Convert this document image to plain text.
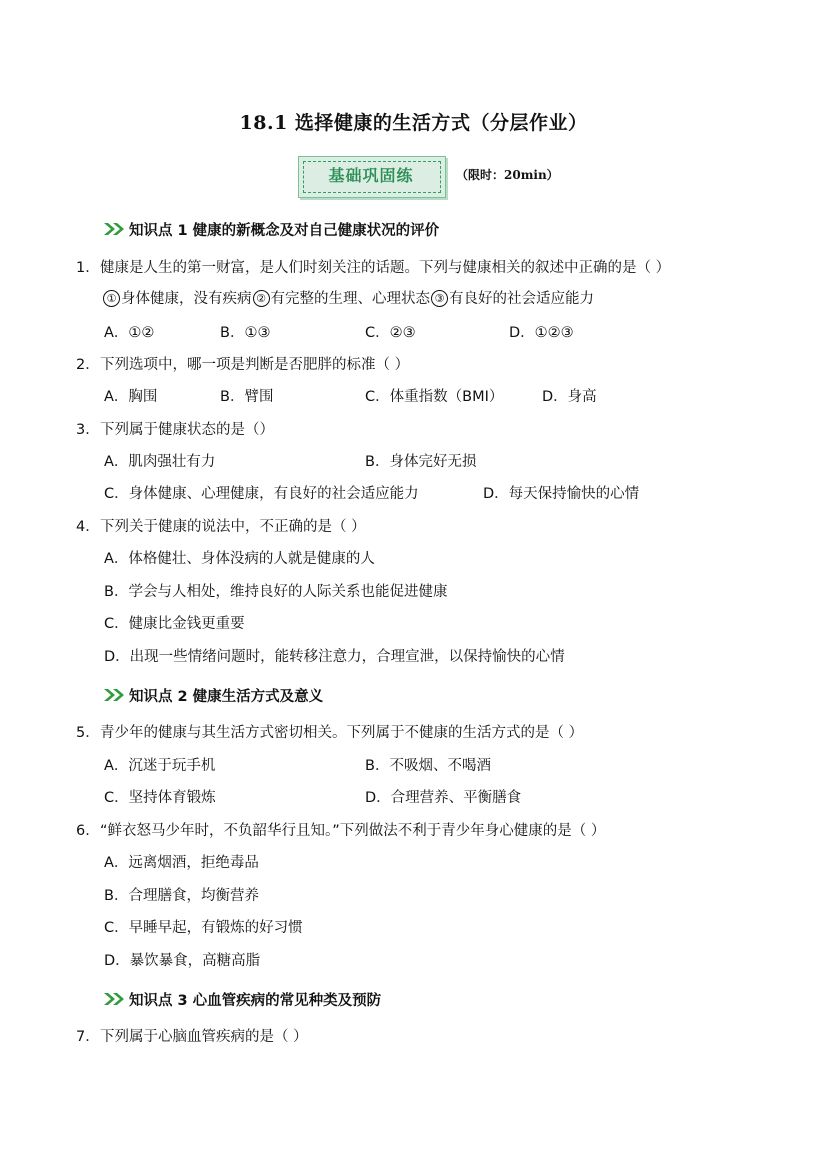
18.1 选择健康的生活方式（分层作业）
基础巩固练	（限时：20min）
知识点 1 健康的新概念及对自己健康状况的评价
1． 健康是人生的第一财富，是人们时刻关注的话题。下列与健康相关的叙述中正确的是（ ）
① 身体健康，没有疾病 ② 有完整的生理、心理状态 ③ 有良好的社会适应能力
A．①②	B．①③	C．②③	D．①②③
2． 下列选项中，哪一项是判断是否肥胖的标准（ ）
A．胸围	B．臂围	C．体重指数（BMI）	D．身高
3． 下列属于健康状态的是（）
A．肌肉强壮有力	B．身体完好无损
C．身体健康、心理健康，有良好的社会适应能力	D．每天保持愉快的心情
4． 下列关于健康的说法中，不正确的是（ ）
A．体格健壮、身体没病的人就是健康的人
B．学会与人相处，维持良好的人际关系也能促进健康
C．健康比金钱更重要
D．出现一些情绪问题时，能转移注意力，合理宣泄，以保持愉快的心情
知识点 2 健康生活方式及意义
5． 青少年的健康与其生活方式密切相关。下列属于不健康的生活方式的是（ ）
A．沉迷于玩手机	B．不吸烟、不喝酒
C．坚持体育锻炼	D．合理营养、平衡膳食
6． “鲜衣怒马少年时，不负韶华行且知。”下列做法不利于青少年身心健康的是（ ）
A．远离烟酒，拒绝毒品
B．合理膳食，均衡营养
C．早睡早起，有锻炼的好习惯
D．暴饮暴食，高糖高脂
知识点 3 心血管疾病的常见种类及预防
7． 下列属于心脑血管疾病的是（ ）
